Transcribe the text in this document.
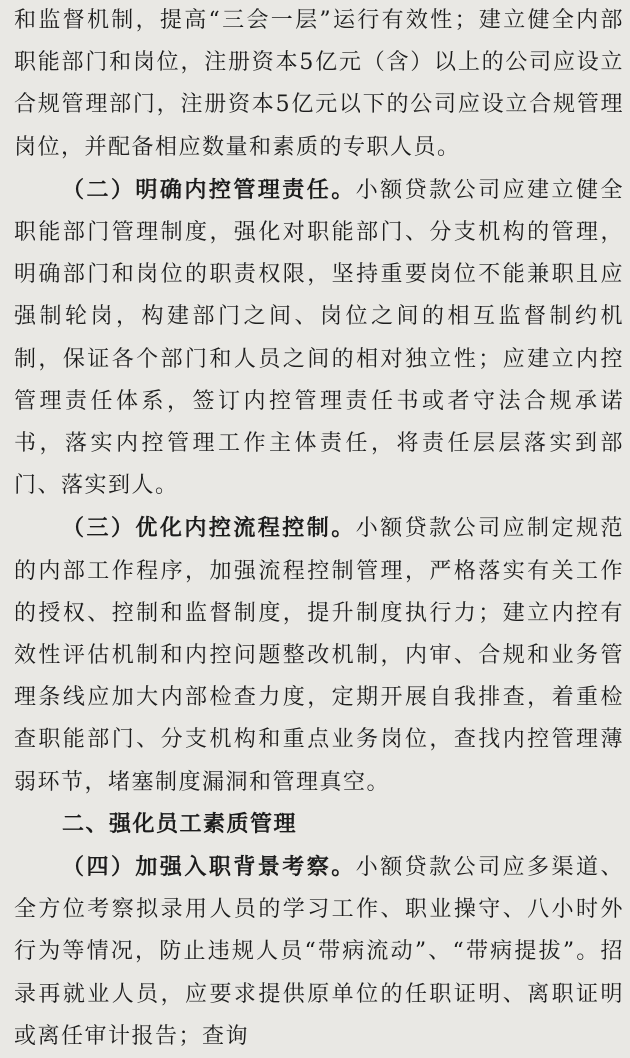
和监督机制，提高“三会一层”运行有效性；建立健全内部职能部门和岗位，注册资本5亿元（含）以上的公司应设立合规管理部门，注册资本5亿元以下的公司应设立合规管理岗位，并配备相应数量和素质的专职人员。

（二）明确内控管理责任。小额贷款公司应建立健全职能部门管理制度，强化对职能部门、分支机构的管理，明确部门和岗位的职责权限，坚持重要岗位不能兼职且应强制轮岗，构建部门之间、岗位之间的相互监督制约机制，保证各个部门和人员之间的相对独立性；应建立内控管理责任体系，签订内控管理责任书或者守法合规承诺书，落实内控管理工作主体责任，将责任层层落实到部门、落实到人。

（三）优化内控流程控制。小额贷款公司应制定规范的内部工作程序，加强流程控制管理，严格落实有关工作的授权、控制和监督制度，提升制度执行力；建立内控有效性评估机制和内控问题整改机制，内审、合规和业务管理条线应加大内部检查力度，定期开展自我排查，着重检查职能部门、分支机构和重点业务岗位，查找内控管理薄弱环节，堵塞制度漏洞和管理真空。

二、强化员工素质管理

（四）加强入职背景考察。小额贷款公司应多渠道、全方位考察拟录用人员的学习工作、职业操守、八小时外行为等情况，防止违规人员“带病流动”、“带病提拔”。招录再就业人员，应要求提供原单位的任职证明、离职证明或离任审计报告；查询
